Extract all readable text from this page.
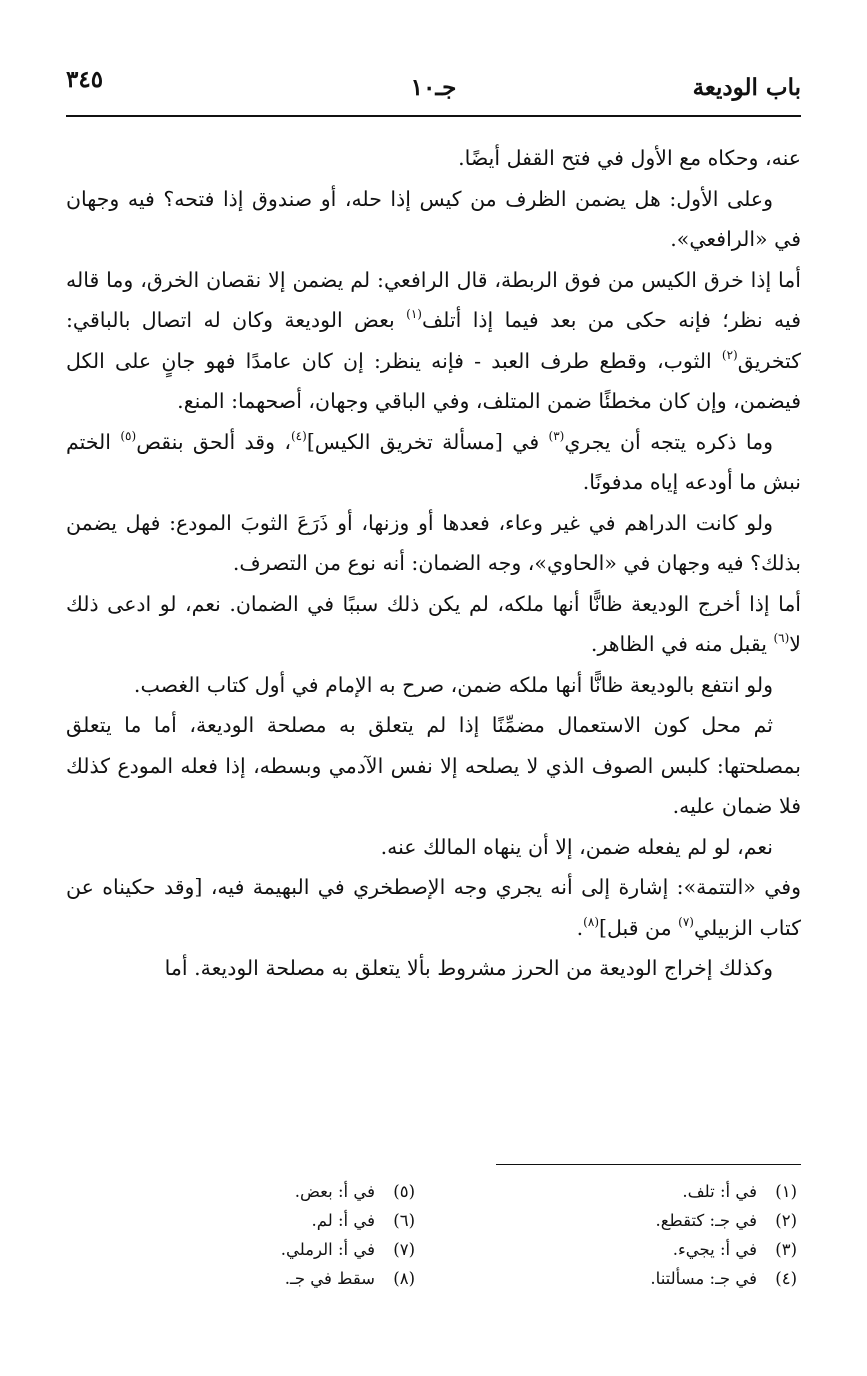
باب الوديعة
جـ١٠
٣٤٥

عنه، وحكاه مع الأول في فتح القفل أيضًا.

وعلى الأول: هل يضمن الظرف من كيس إذا حله، أو صندوق إذا فتحه؟ فيه وجهان في «الرافعي».

أما إذا خرق الكيس من فوق الربطة، قال الرافعي: لم يضمن إلا نقصان الخرق، وما قاله فيه نظر؛ فإنه حكى من بعد فيما إذا أتلف$^{(١)}$ بعض الوديعة وكان له اتصال بالباقي: كتخريق$^{(٢)}$ الثوب، وقطع طرف العبد - فإنه ينظر: إن كان عامدًا فهو جانٍ على الكل فيضمن، وإن كان مخطئًا ضمن المتلف، وفي الباقي وجهان، أصحهما: المنع.

وما ذكره يتجه أن يجري$^{(٣)}$ في [مسألة تخريق الكيس]$^{(٤)}$، وقد ألحق بنقص$^{(٥)}$ الختم نبش ما أودعه إياه مدفونًا.

ولو كانت الدراهم في غير وعاء، فعدها أو وزنها، أو ذَرَعَ الثوبَ المودع: فهل يضمن بذلك؟ فيه وجهان في «الحاوي»، وجه الضمان: أنه نوع من التصرف.

أما إذا أخرج الوديعة ظانًّا أنها ملكه، لم يكن ذلك سببًا في الضمان. نعم، لو ادعى ذلك لا$^{(٦)}$ يقبل منه في الظاهر.

ولو انتفع بالوديعة ظانًّا أنها ملكه ضمن، صرح به الإمام في أول كتاب الغصب.

ثم محل كون الاستعمال مضمِّنًا إذا لم يتعلق به مصلحة الوديعة، أما ما يتعلق بمصلحتها: كلبس الصوف الذي لا يصلحه إلا نفس الآدمي وبسطه، إذا فعله المودع كذلك فلا ضمان عليه.

نعم، لو لم يفعله ضمن، إلا أن ينهاه المالك عنه.

وفي «التتمة»: إشارة إلى أنه يجري وجه الإصطخري في البهيمة فيه، [وقد حكيناه عن كتاب الزبيلي$^{(٧)}$ من قبل]$^{(٨)}$.

وكذلك إخراج الوديعة من الحرز مشروط بألا يتعلق به مصلحة الوديعة. أما

(١)في أ: تلف.
(٢)في جـ: كتقطع.
(٣)في أ: يجيء.
(٤)في جـ: مسألتنا.
(٥)في أ: بعض.
(٦)في أ: لم.
(٧)في أ: الرملي.
(٨)سقط في جـ.
